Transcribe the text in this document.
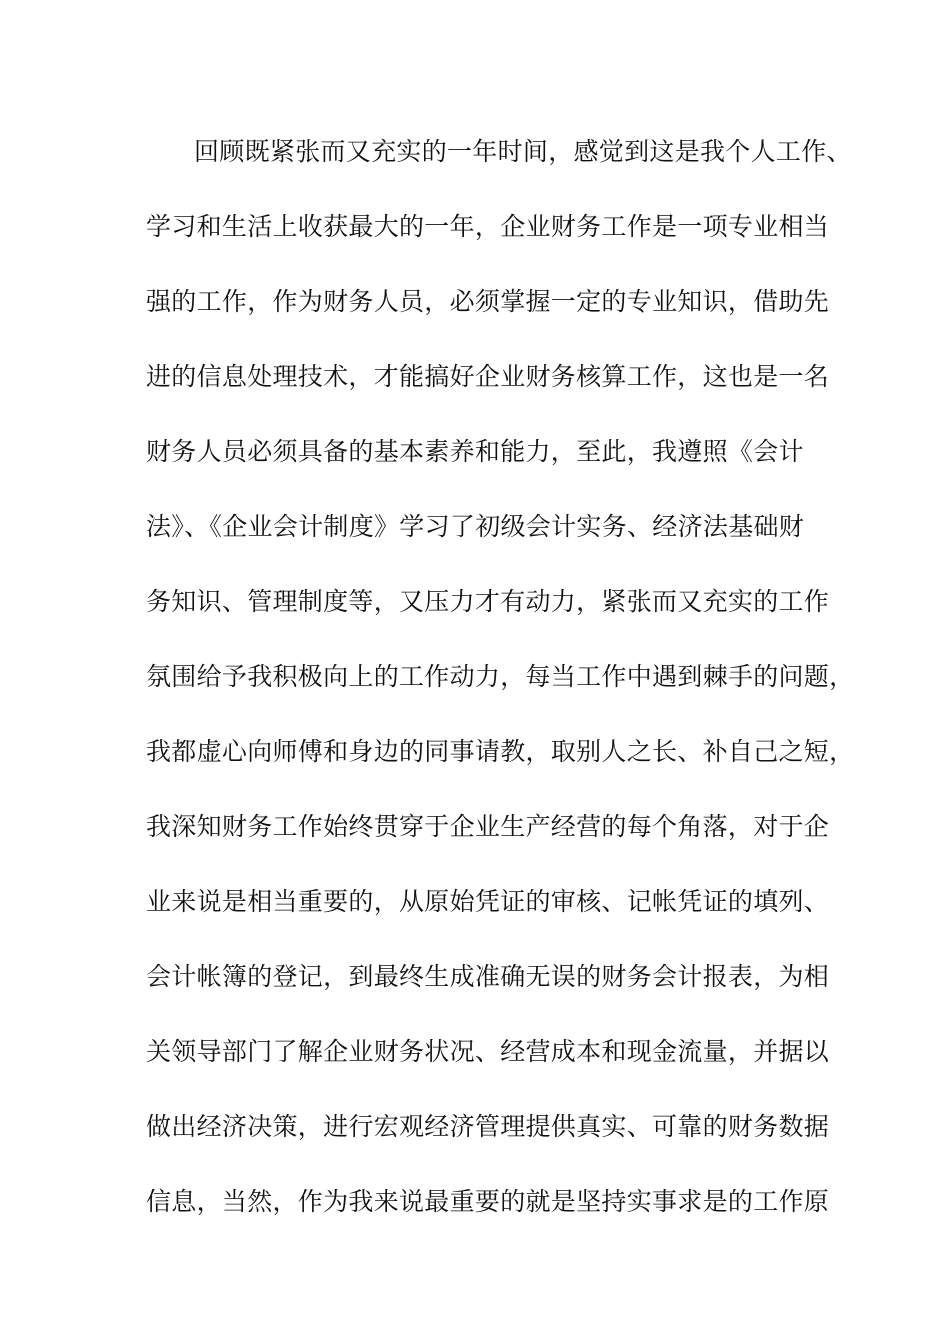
回顾既紧张而又充实的一年时间，感觉到这是我个人工作、
学习和生活上收获最大的一年，企业财务工作是一项专业相当
强的工作，作为财务人员，必须掌握一定的专业知识，借助先
进的信息处理技术，才能搞好企业财务核算工作，这也是一名
财务人员必须具备的基本素养和能力，至此，我遵照《会计
法》、《企业会计制度》学习了初级会计实务、经济法基础财
务知识、管理制度等，又压力才有动力，紧张而又充实的工作
氛围给予我积极向上的工作动力，每当工作中遇到棘手的问题，
我都虚心向师傅和身边的同事请教，取别人之长、补自己之短，
我深知财务工作始终贯穿于企业生产经营的每个角落，对于企
业来说是相当重要的，从原始凭证的审核、记帐凭证的填列、
会计帐簿的登记，到最终生成准确无误的财务会计报表，为相
关领导部门了解企业财务状况、经营成本和现金流量，并据以
做出经济决策，进行宏观经济管理提供真实、可靠的财务数据
信息，当然，作为我来说最重要的就是坚持实事求是的工作原
